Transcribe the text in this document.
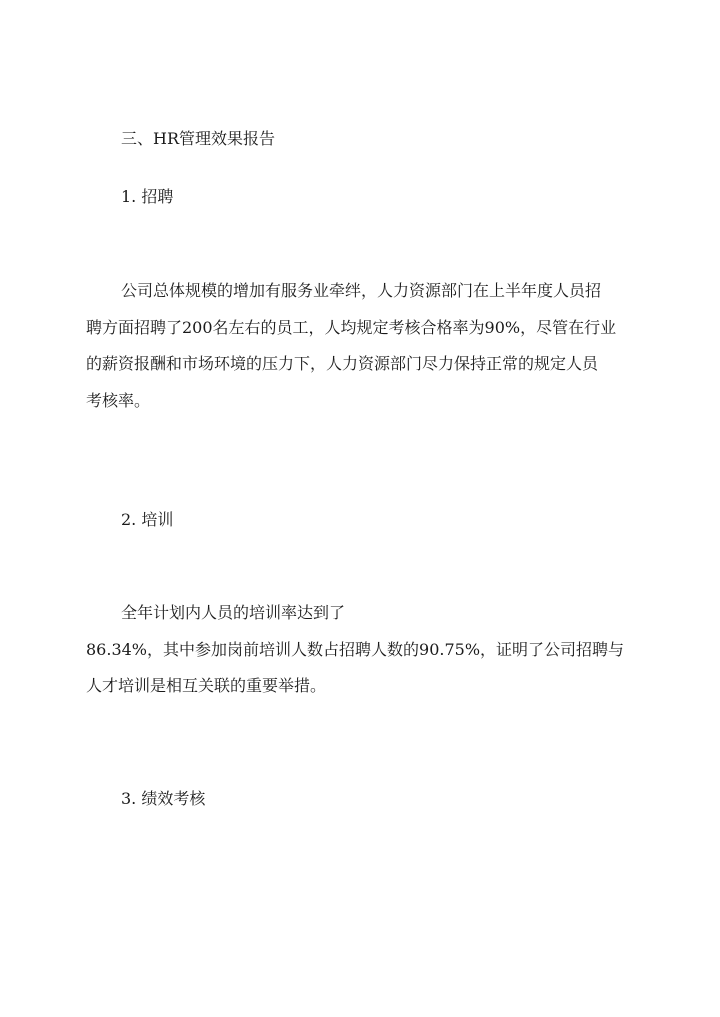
三、HR管理效果报告
1. 招聘
公司总体规模的增加有服务业牵绊，人力资源部门在上半年度人员招
聘方面招聘了200名左右的员工，人均规定考核合格率为90%，尽管在行业
的薪资报酬和市场环境的压力下，人力资源部门尽力保持正常的规定人员
考核率。
2. 培训
全年计划内人员的培训率达到了
86.34%，其中参加岗前培训人数占招聘人数的90.75%，证明了公司招聘与
人才培训是相互关联的重要举措。
3. 绩效考核
